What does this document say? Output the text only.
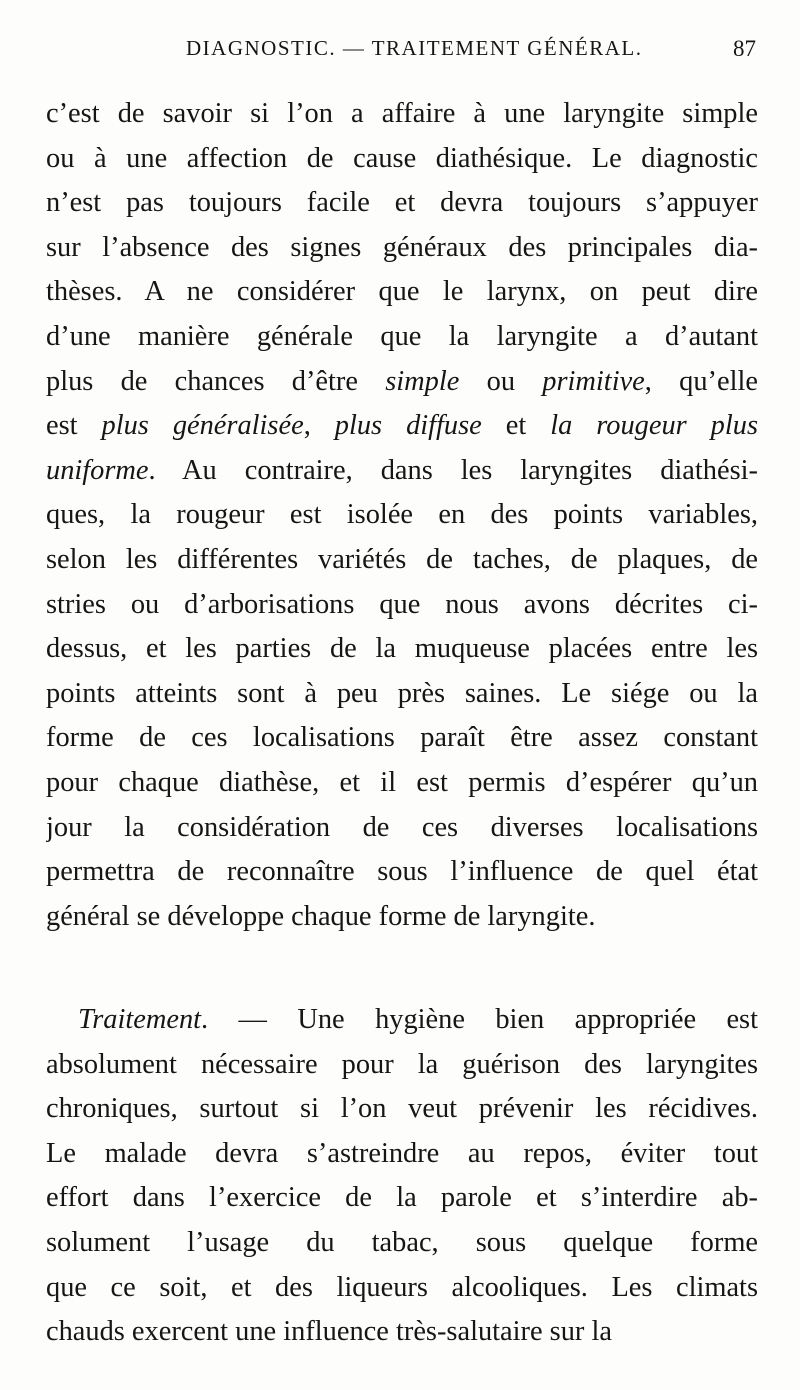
DIAGNOSTIC. — TRAITEMENT GÉNÉRAL.	87
c’est de savoir si l’on a affaire à une laryngite simple
ou à une affection de cause diathésique. Le diagnostic
n’est pas toujours facile et devra toujours s’appuyer
sur l’absence des signes généraux des principales dia-
thèses. A ne considérer que le larynx, on peut dire
d’une manière générale que la laryngite a d’autant
plus de chances d’être simple ou primitive, qu’elle
est plus généralisée, plus diffuse et la rougeur plus
uniforme. Au contraire, dans les laryngites diathési-
ques, la rougeur est isolée en des points variables,
selon les différentes variétés de taches, de plaques, de
stries ou d’arborisations que nous avons décrites ci-
dessus, et les parties de la muqueuse placées entre les
points atteints sont à peu près saines. Le siége ou la
forme de ces localisations paraît être assez constant
pour chaque diathèse, et il est permis d’espérer qu’un
jour la considération de ces diverses localisations
permettra de reconnaître sous l’influence de quel état
général se développe chaque forme de laryngite.
Traitement. — Une hygiène bien appropriée est
absolument nécessaire pour la guérison des laryngites
chroniques, surtout si l’on veut prévenir les récidives.
Le malade devra s’astreindre au repos, éviter tout
effort dans l’exercice de la parole et s’interdire ab-
solument l’usage du tabac, sous quelque forme
que ce soit, et des liqueurs alcooliques. Les climats
chauds exercent une influence très-salutaire sur la
